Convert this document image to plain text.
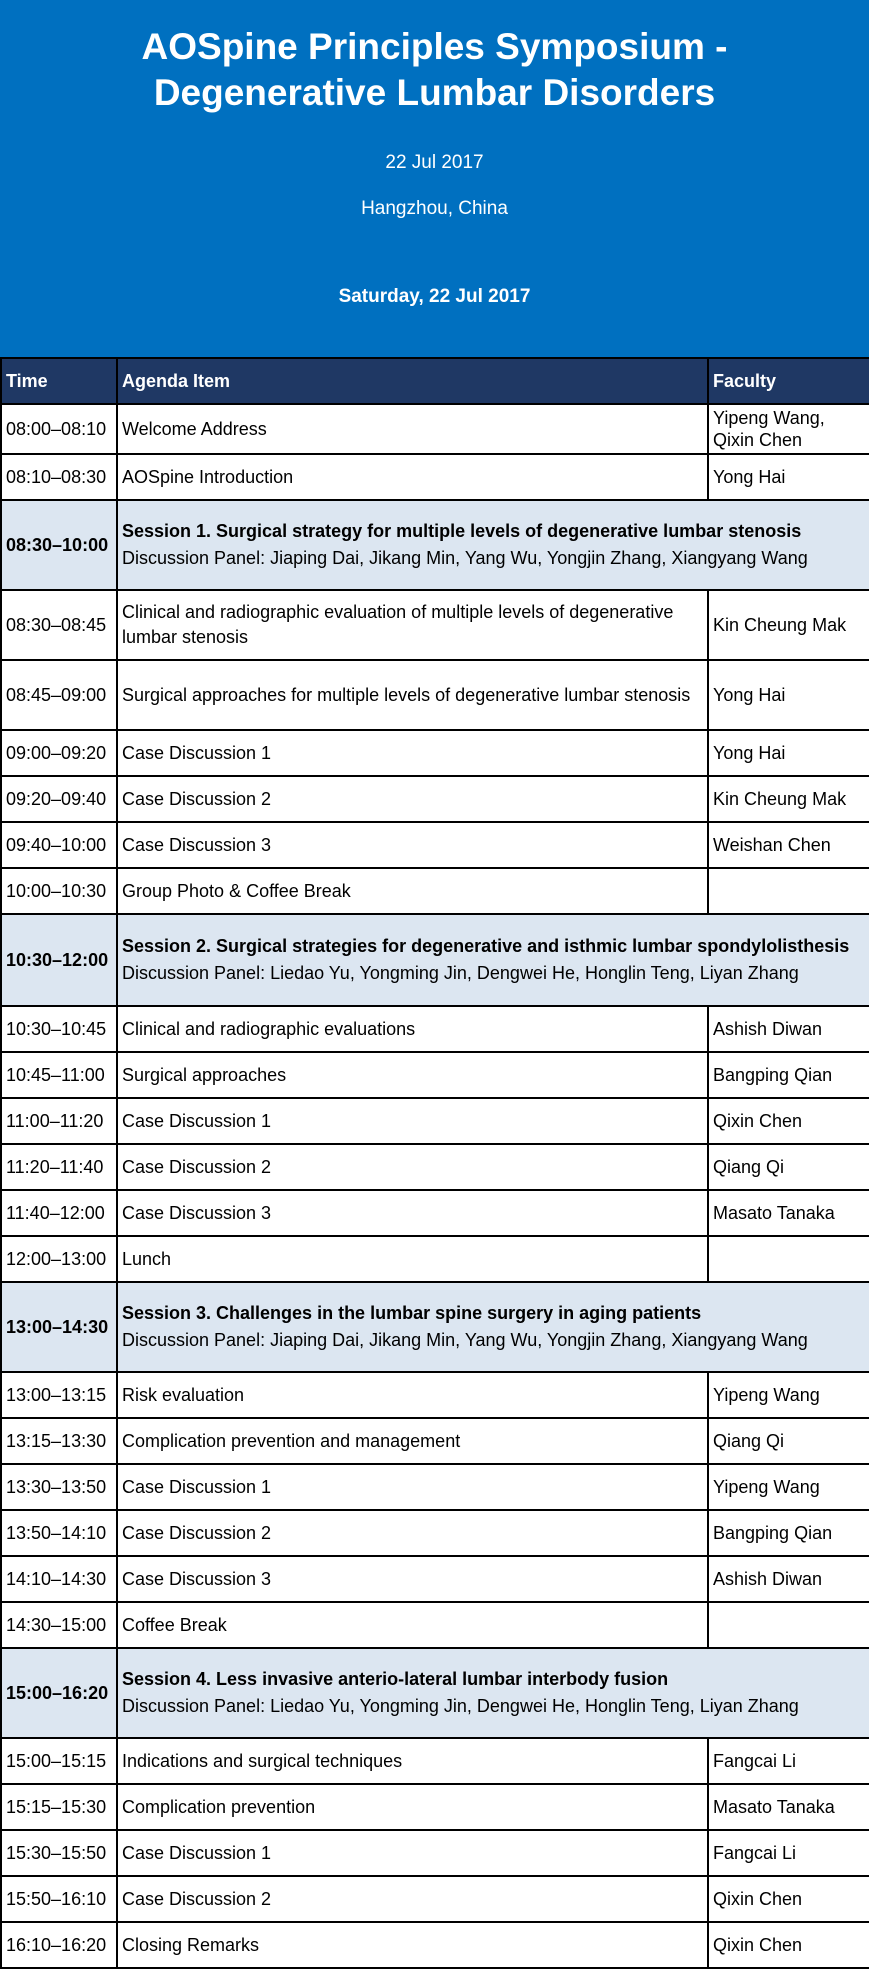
AOSpine Principles Symposium -
Degenerative Lumbar Disorders
22 Jul 2017
Hangzhou, China
Saturday, 22 Jul 2017
Time	Agenda Item	Faculty
08:00–08:10	Welcome Address	Yipeng Wang,
Qixin Chen

08:10–08:30	AOSpine Introduction	Yong Hai
08:30–10:00	Session 1. Surgical strategy for multiple levels of degenerative lumbar stenosis
Discussion Panel: Jiaping Dai, Jikang Min, Yang Wu, Yongjin Zhang, Xiangyang Wang	

08:30–08:45	Clinical and radiographic evaluation of multiple levels of degenerative lumbar stenosis	Kin Cheung Mak
08:45–09:00	Surgical approaches for multiple levels of degenerative lumbar stenosis	Yong Hai
09:00–09:20	Case Discussion 1	Yong Hai
09:20–09:40	Case Discussion 2	Kin Cheung Mak
09:40–10:00	Case Discussion 3	Weishan Chen
10:00–10:30	Group Photo & Coffee Break	
10:30–12:00	Session 2. Surgical strategies for degenerative and isthmic lumbar spondylolisthesis
Discussion Panel: Liedao Yu, Yongming Jin, Dengwei He, Honglin Teng, Liyan Zhang	

10:30–10:45	Clinical and radiographic evaluations	Ashish Diwan
10:45–11:00	Surgical approaches	Bangping Qian
11:00–11:20	Case Discussion 1	Qixin Chen
11:20–11:40	Case Discussion 2	Qiang Qi
11:40–12:00	Case Discussion 3	Masato Tanaka
12:00–13:00	Lunch	
13:00–14:30	Session 3. Challenges in the lumbar spine surgery in aging patients
Discussion Panel: Jiaping Dai, Jikang Min, Yang Wu, Yongjin Zhang, Xiangyang Wang	

13:00–13:15	Risk evaluation	Yipeng Wang
13:15–13:30	Complication prevention and management	Qiang Qi
13:30–13:50	Case Discussion 1	Yipeng Wang
13:50–14:10	Case Discussion 2	Bangping Qian
14:10–14:30	Case Discussion 3	Ashish Diwan
14:30–15:00	Coffee Break	
15:00–16:20	Session 4. Less invasive anterio-lateral lumbar interbody fusion
Discussion Panel: Liedao Yu, Yongming Jin, Dengwei He, Honglin Teng, Liyan Zhang	

15:00–15:15	Indications and surgical techniques	Fangcai Li
15:15–15:30	Complication prevention	Masato Tanaka
15:30–15:50	Case Discussion 1	Fangcai Li
15:50–16:10	Case Discussion 2	Qixin Chen
16:10–16:20	Closing Remarks	Qixin Chen
